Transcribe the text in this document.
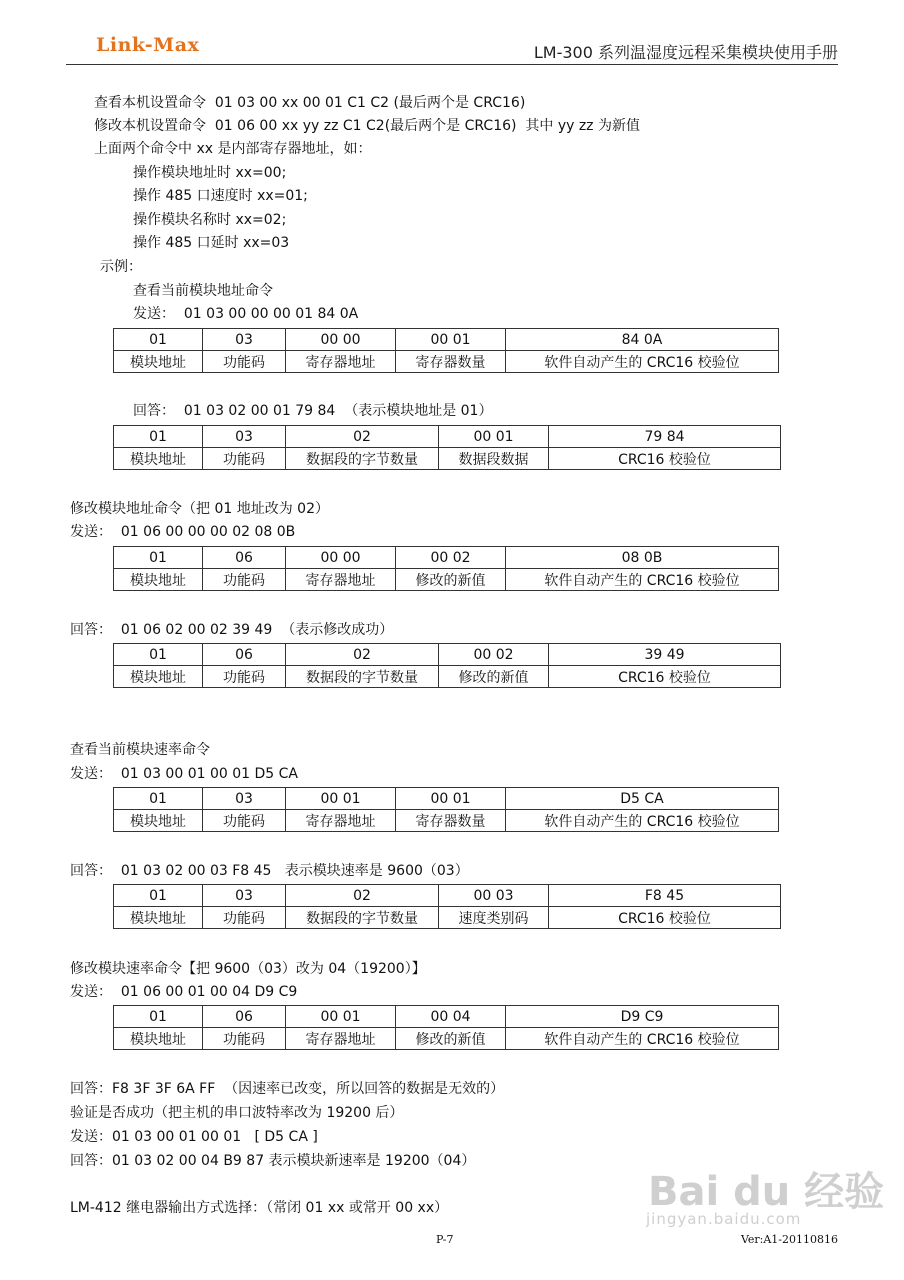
Link-Max	LM-300 系列温湿度远程采集模块使用手册
查看本机设置命令  01 03 00 xx 00 01 C1 C2 (最后两个是 CRC16)
修改本机设置命令  01 06 00 xx yy zz C1 C2(最后两个是 CRC16)  其中 yy zz 为新值
上面两个命令中 xx 是内部寄存器地址，如：
操作模块地址时 xx=00;
操作 485 口速度时 xx=01;
操作模块名称时 xx=02;
操作 485 口延时 xx=03
示例：
查看当前模块地址命令
发送：  01 03 00 00 00 01 84 0A
01	03	00 00	00 01	84 0A
模块地址	功能码	寄存器地址	寄存器数量	软件自动产生的 CRC16 校验位
回答：  01 03 02 00 01 79 84  （表示模块地址是 01）
01	03	02	00 01	79 84
模块地址	功能码	数据段的字节数量	数据段数据	CRC16 校验位
修改模块地址命令（把 01 地址改为 02）
发送：  01 06 00 00 00 02 08 0B
01	06	00 00	00 02	08 0B
模块地址	功能码	寄存器地址	修改的新值	软件自动产生的 CRC16 校验位
回答：  01 06 02 00 02 39 49  （表示修改成功）
01	06	02	00 02	39 49
模块地址	功能码	数据段的字节数量	修改的新值	CRC16 校验位
查看当前模块速率命令
发送：  01 03 00 01 00 01 D5 CA
01	03	00 01	00 01	D5 CA
模块地址	功能码	寄存器地址	寄存器数量	软件自动产生的 CRC16 校验位
回答：  01 03 02 00 03 F8 45   表示模块速率是 9600（03）
01	03	02	00 03	F8 45
模块地址	功能码	数据段的字节数量	速度类别码	CRC16 校验位
修改模块速率命令【把 9600（03）改为 04（19200）】
发送：  01 06 00 01 00 04 D9 C9
01	06	00 01	00 04	D9 C9
模块地址	功能码	寄存器地址	修改的新值	软件自动产生的 CRC16 校验位
回答：F8 3F 3F 6A FF  （因速率已改变，所以回答的数据是无效的）
验证是否成功（把主机的串口波特率改为 19200 后）
发送：01 03 00 01 00 01   [ D5 CA ]
回答：01 03 02 00 04 B9 87 表示模块新速率是 19200（04）
LM-412 继电器输出方式选择：（常闭 01 xx 或常开 00 xx）
P-7	Ver:A1-20110816
Bai du 经验
jingyan.baidu.com
